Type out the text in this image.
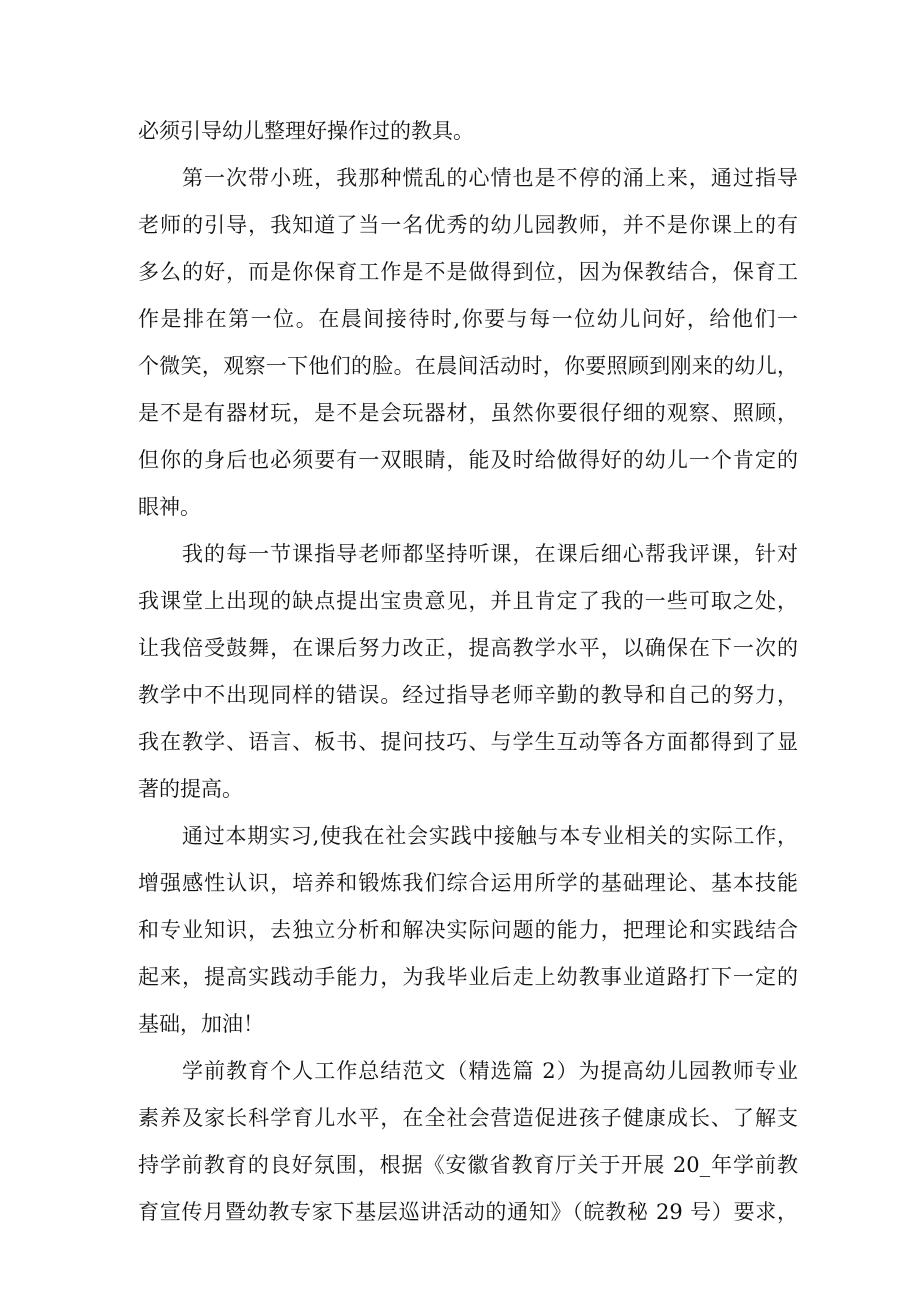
必须引导幼儿整理好操作过的教具。
第一次带小班，我那种慌乱的心情也是不停的涌上来，通过指导
老师的引导，我知道了当一名优秀的幼儿园教师，并不是你课上的有
多么的好，而是你保育工作是不是做得到位，因为保教结合，保育工
作是排在第一位。在晨间接待时,你要与每一位幼儿问好，给他们一
个微笑，观察一下他们的脸。在晨间活动时，你要照顾到刚来的幼儿，
是不是有器材玩，是不是会玩器材，虽然你要很仔细的观察、照顾，
但你的身后也必须要有一双眼睛，能及时给做得好的幼儿一个肯定的
眼神。
我的每一节课指导老师都坚持听课，在课后细心帮我评课，针对
我课堂上出现的缺点提出宝贵意见，并且肯定了我的一些可取之处，
让我倍受鼓舞，在课后努力改正，提高教学水平，以确保在下一次的
教学中不出现同样的错误。经过指导老师辛勤的教导和自己的努力，
我在教学、语言、板书、提问技巧、与学生互动等各方面都得到了显
著的提高。
通过本期实习,使我在社会实践中接触与本专业相关的实际工作，
增强感性认识，培养和锻炼我们综合运用所学的基础理论、基本技能
和专业知识，去独立分析和解决实际问题的能力，把理论和实践结合
起来，提高实践动手能力，为我毕业后走上幼教事业道路打下一定的
基础，加油！
学前教育个人工作总结范文（精选篇 2）为提高幼儿园教师专业
素养及家长科学育儿水平，在全社会营造促进孩子健康成长、了解支
持学前教育的良好氛围，根据《安徽省教育厅关于开展 20_年学前教
育宣传月暨幼教专家下基层巡讲活动的通知》（皖教秘 29 号）要求，
